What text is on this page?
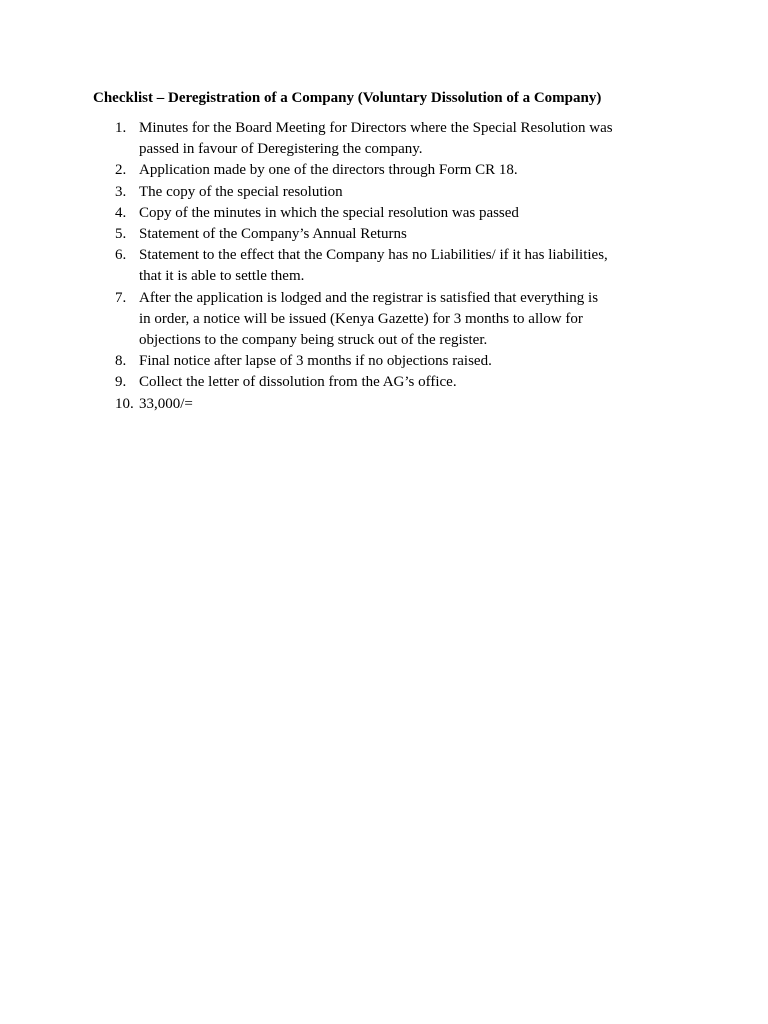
Checklist – Deregistration of a Company (Voluntary Dissolution of a Company)
1. Minutes for the Board Meeting for Directors where the Special Resolution was
passed in favour of Deregistering the company.
2. Application made by one of the directors through Form CR 18.
3. The copy of the special resolution
4. Copy of the minutes in which the special resolution was passed
5. Statement of the Company’s Annual Returns
6. Statement to the effect that the Company has no Liabilities/ if it has liabilities,
that it is able to settle them.
7. After the application is lodged and the registrar is satisfied that everything is
in order, a notice will be issued (Kenya Gazette) for 3 months to allow for
objections to the company being struck out of the register.
8. Final notice after lapse of 3 months if no objections raised.
9. Collect the letter of dissolution from the AG’s office.
10. 33,000/=
